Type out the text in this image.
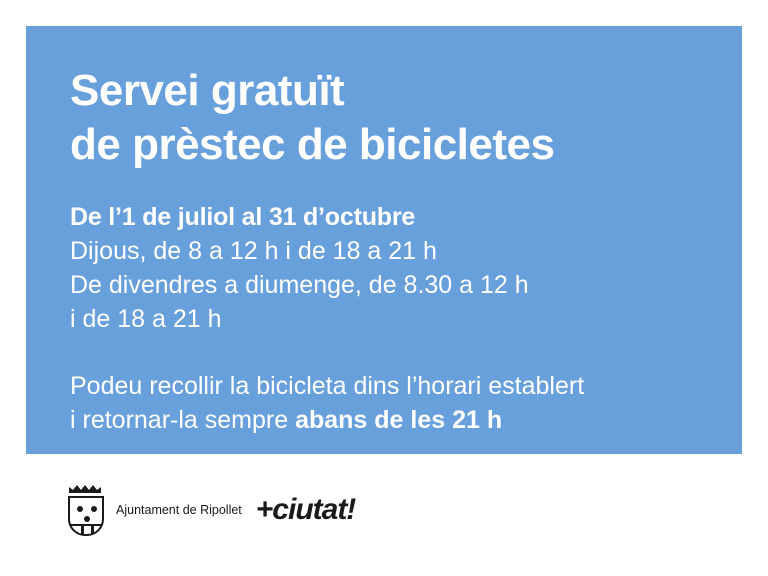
Servei gratuït
de prèstec de bicicletes
De l’1 de juliol al 31 d’octubre
Dijous, de 8 a 12 h i de 18 a 21 h
De divendres a diumenge, de 8.30 a 12 h
i de 18 a 21 h
Podeu recollir la bicicleta dins l’horari establert
i retornar-la sempre abans de les 21 h
Ajuntament de Ripollet +ciutat!
